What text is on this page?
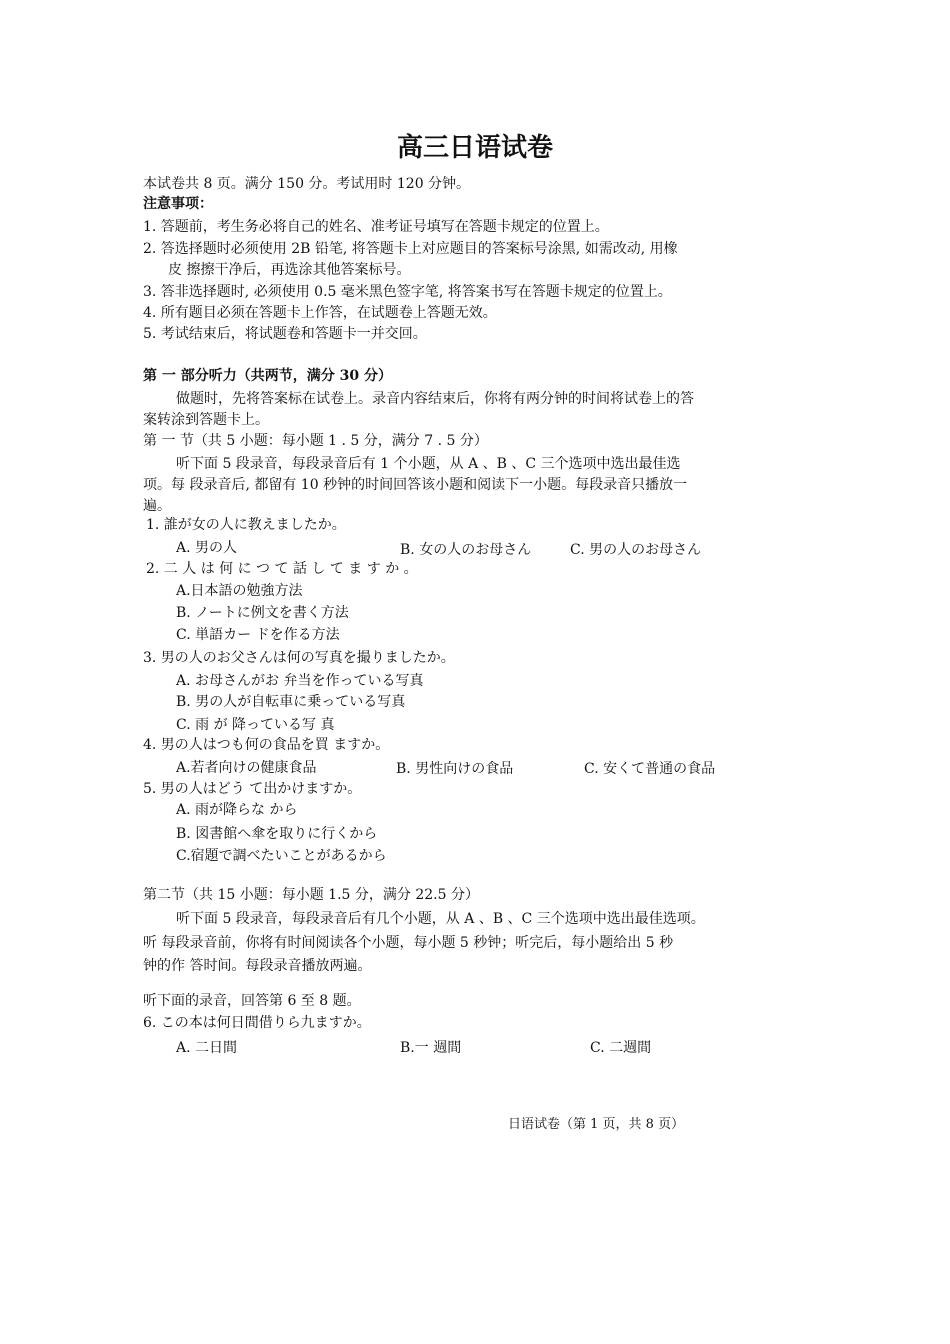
高三日语试卷
本试卷共 8 页。满分 150 分。考试用时 120 分钟。
注意事项：
1. 答题前，考生务必将自己的姓名、准考证号填写在答题卡规定的位置上。
2. 答选择题时必须使用 2B 铅笔, 将答题卡上对应题目的答案标号涂黑, 如需改动, 用橡
皮 擦擦干净后，再选涂其他答案标号。
3. 答非选择题时, 必须使用 0.5 毫米黑色签字笔, 将答案书写在答题卡规定的位置上。
4. 所有题目必须在答题卡上作答，在试题卷上答题无效。
5. 考试结束后，将试题卷和答题卡一并交回。
第 一 部分听力（共两节，满分 30 分）
做题时，先将答案标在试卷上。录音内容结束后，你将有两分钟的时间将试卷上的答
案转涂到答题卡上。
第 一 节（共 5 小题：每小题 1 . 5 分，满分 7 . 5 分）
听下面 5 段录音，每段录音后有 1 个小题，从 A 、B 、C 三个选项中选出最佳选
项。每 段录音后, 都留有 10 秒钟的时间回答该小题和阅读下一小题。每段录音只播放一
遍。
1. 誰が女の人に教えましたか。
A. 男の人	B. 女の人のお母さん	C. 男の人のお母さん
2. 二 人 は 何 に つ て 話 し て ま す か 。
A.日本語の勉強方法
B. ノートに例文を書く方法
C. 単語カー ドを作る方法
3. 男の人のお父さんは何の写真を撮りましたか。
A. お母さんがお 弁当を作っている写真
B. 男の人が自転車に乗っている写真
C. 雨 が 降っている写 真
4. 男の人はつも何の食品を買 ますか。
A.若者向けの健康食品	B. 男性向けの食品	C. 安くて普通の食品
5. 男の人はどう て出かけますか。
A. 雨が降らな から
B. 図書館へ傘を取りに行くから
C.宿題で調べたいことがあるから
第二节（共 15 小题：每小题 1.5 分，满分 22.5 分）
听下面 5 段录音，每段录音后有几个小题，从 A 、B 、C 三个选项中选出最佳选项。
听 每段录音前，你将有时间阅读各个小题，每小题 5 秒钟；听完后，每小题给出 5 秒
钟的作 答时间。每段录音播放两遍。
听下面的录音，回答第 6 至 8 题。
6. この本は何日間借りら九ますか。
A. 二日間	B.一 週間	C. 二週間
日语试卷（第 1 页，共 8 页）
